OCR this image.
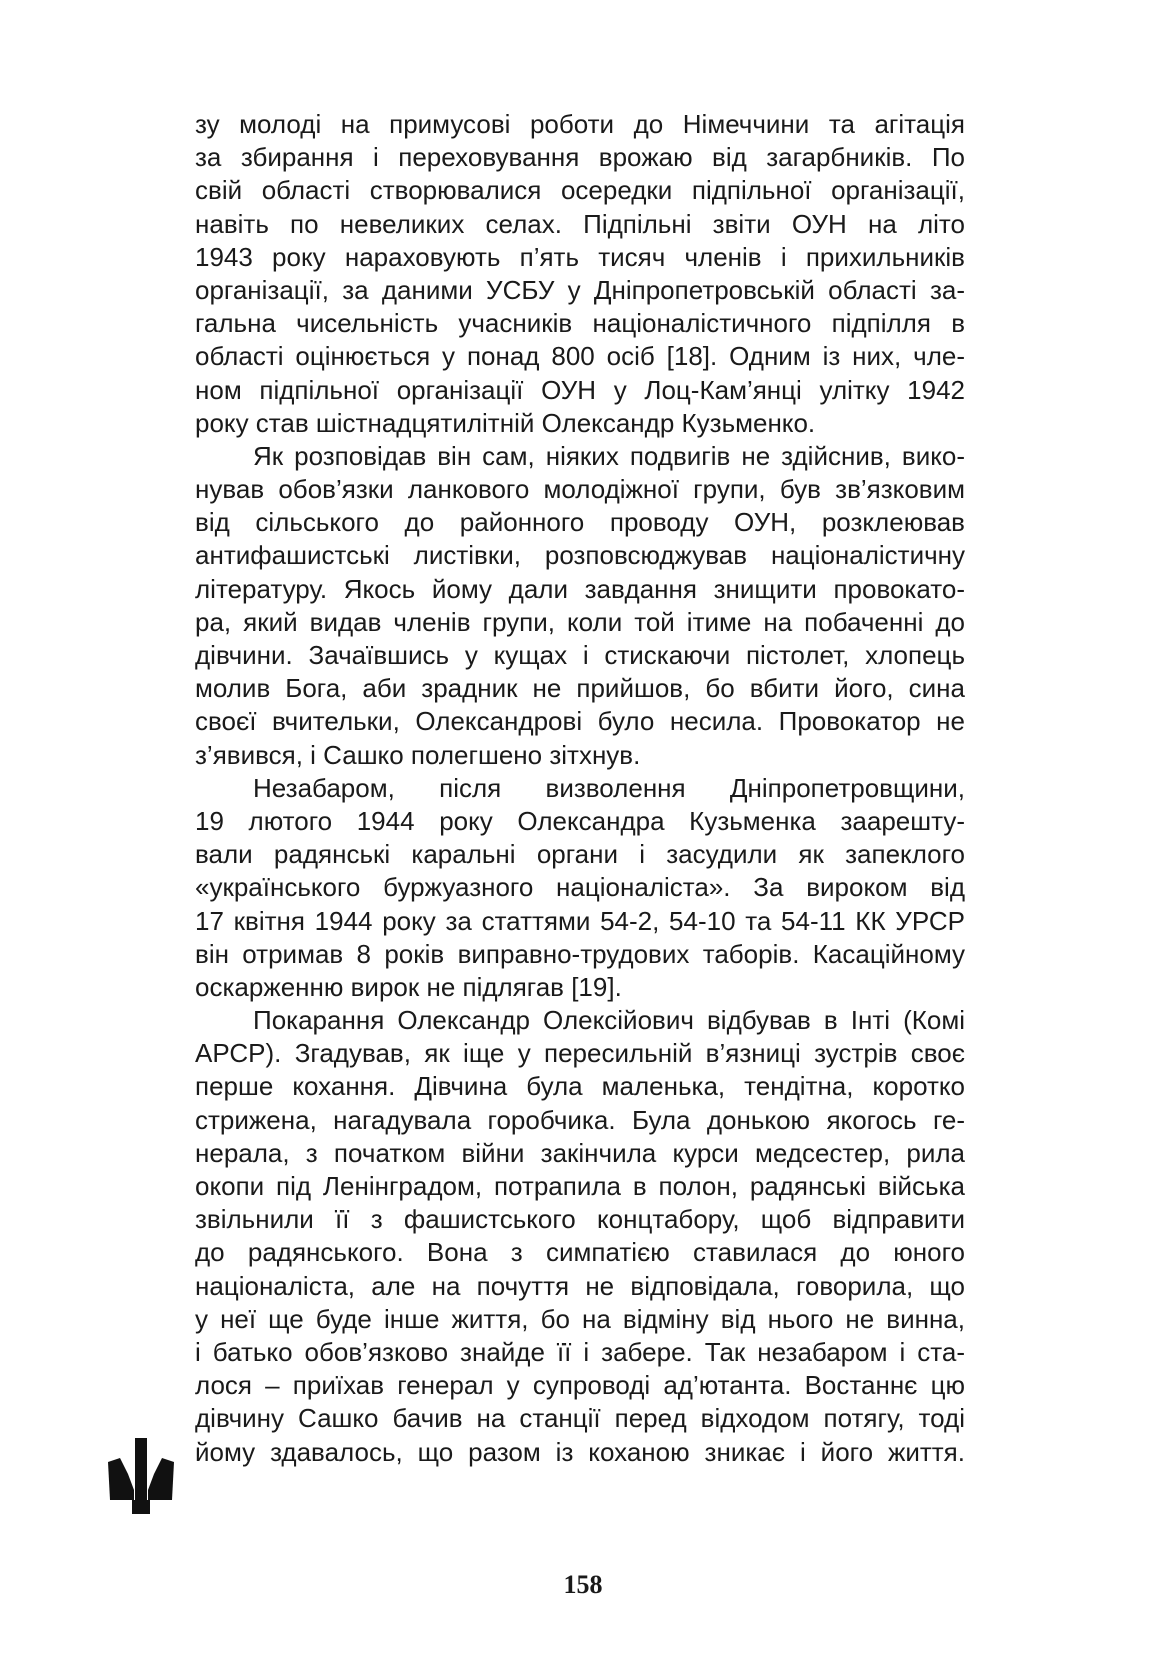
зу молоді на примусові роботи до Німеччини та агітація
за збирання і переховування врожаю від загарбників. По
свій області створювалися осередки підпільної організації,
навіть по невеликих селах. Підпільні звіти ОУН на літо
1943 року нараховують п’ять тисяч членів і прихильників
організації, за даними УСБУ у Дніпропетровській області за-
гальна чисельність учасників націоналістичного підпілля в
області оцінюється у понад 800 осіб [18]. Одним із них, чле-
ном підпільної організації ОУН у Лоц-Кам’янці улітку 1942
року став шістнадцятилітній Олександр Кузьменко.
Як розповідав він сам, ніяких подвигів не здійснив, вико-
нував обов’язки ланкового молодіжної групи, був зв’язковим
від сільського до районного проводу ОУН, розклеював
антифашистські листівки, розповсюджував націоналістичну
літературу. Якось йому дали завдання знищити провокато-
ра, який видав членів групи, коли той ітиме на побаченні до
дівчини. Зачаївшись у кущах і стискаючи пістолет, хлопець
молив Бога, аби зрадник не прийшов, бо вбити його, сина
своєї вчительки, Олександрові було несила. Провокатор не
з’явився, і Сашко полегшено зітхнув.
Незабаром, після визволення Дніпропетровщини,
19 лютого 1944 року Олександра Кузьменка заарешту-
вали радянські каральні органи і засудили як запеклого
«українського буржуазного націоналіста». За вироком від
17 квітня 1944 року за статтями 54-2, 54-10 та 54-11 КК УРСР
він отримав 8 років виправно-трудових таборів. Касаційному
оскарженню вирок не підлягав [19].
Покарання Олександр Олексійович відбував в Інті (Комі
АРСР). Згадував, як іще у пересильній в’язниці зустрів своє
перше кохання. Дівчина була маленька, тендітна, коротко
стрижена, нагадувала горобчика. Була донькою якогось ге-
нерала, з початком війни закінчила курси медсестер, рила
окопи під Ленінградом, потрапила в полон, радянські війська
звільнили її з фашистського концтабору, щоб відправити
до радянського. Вона з симпатією ставилася до юного
націоналіста, але на почуття не відповідала, говорила, що
у неї ще буде інше життя, бо на відміну від нього не винна,
і батько обов’язково знайде її і забере. Так незабаром і ста-
лося – приїхав генерал у супроводі ад’ютанта. Востаннє цю
дівчину Сашко бачив на станції перед відходом потягу, тоді
йому здавалось, що разом із коханою зникає і його життя.
158
